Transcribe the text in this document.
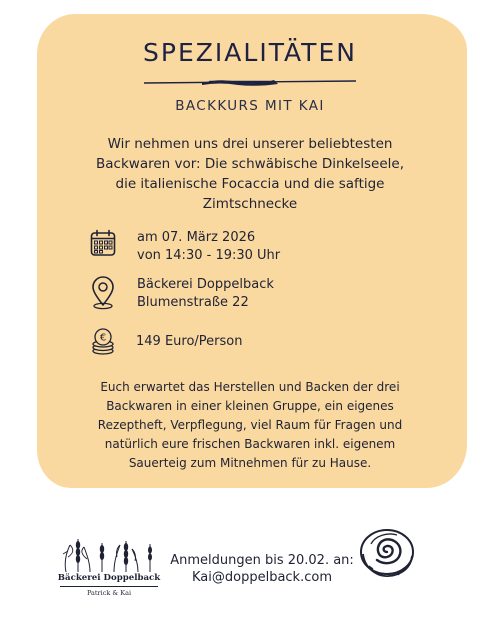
SPEZIALITÄTEN
BACKKURS MIT KAI
Wir nehmen uns drei unserer beliebtesten Backwaren vor: Die schwäbische Dinkelseele, die italienische Focaccia und die saftige Zimtschnecke
am 07. März 2026
von 14:30 - 19:30 Uhr
Bäckerei Doppelback
Blumenstraße 22
€ 149 Euro/Person
Euch erwartet das Herstellen und Backen der drei Backwaren in einer kleinen Gruppe, ein eigenes Rezeptheft, Verpflegung, viel Raum für Fragen und natürlich eure frischen Backwaren inkl. eigenem Sauerteig zum Mitnehmen für zu Hause.
Bäckerei Doppelback
Patrick & Kai
Anmeldungen bis 20.02. an:
Kai@doppelback.com
